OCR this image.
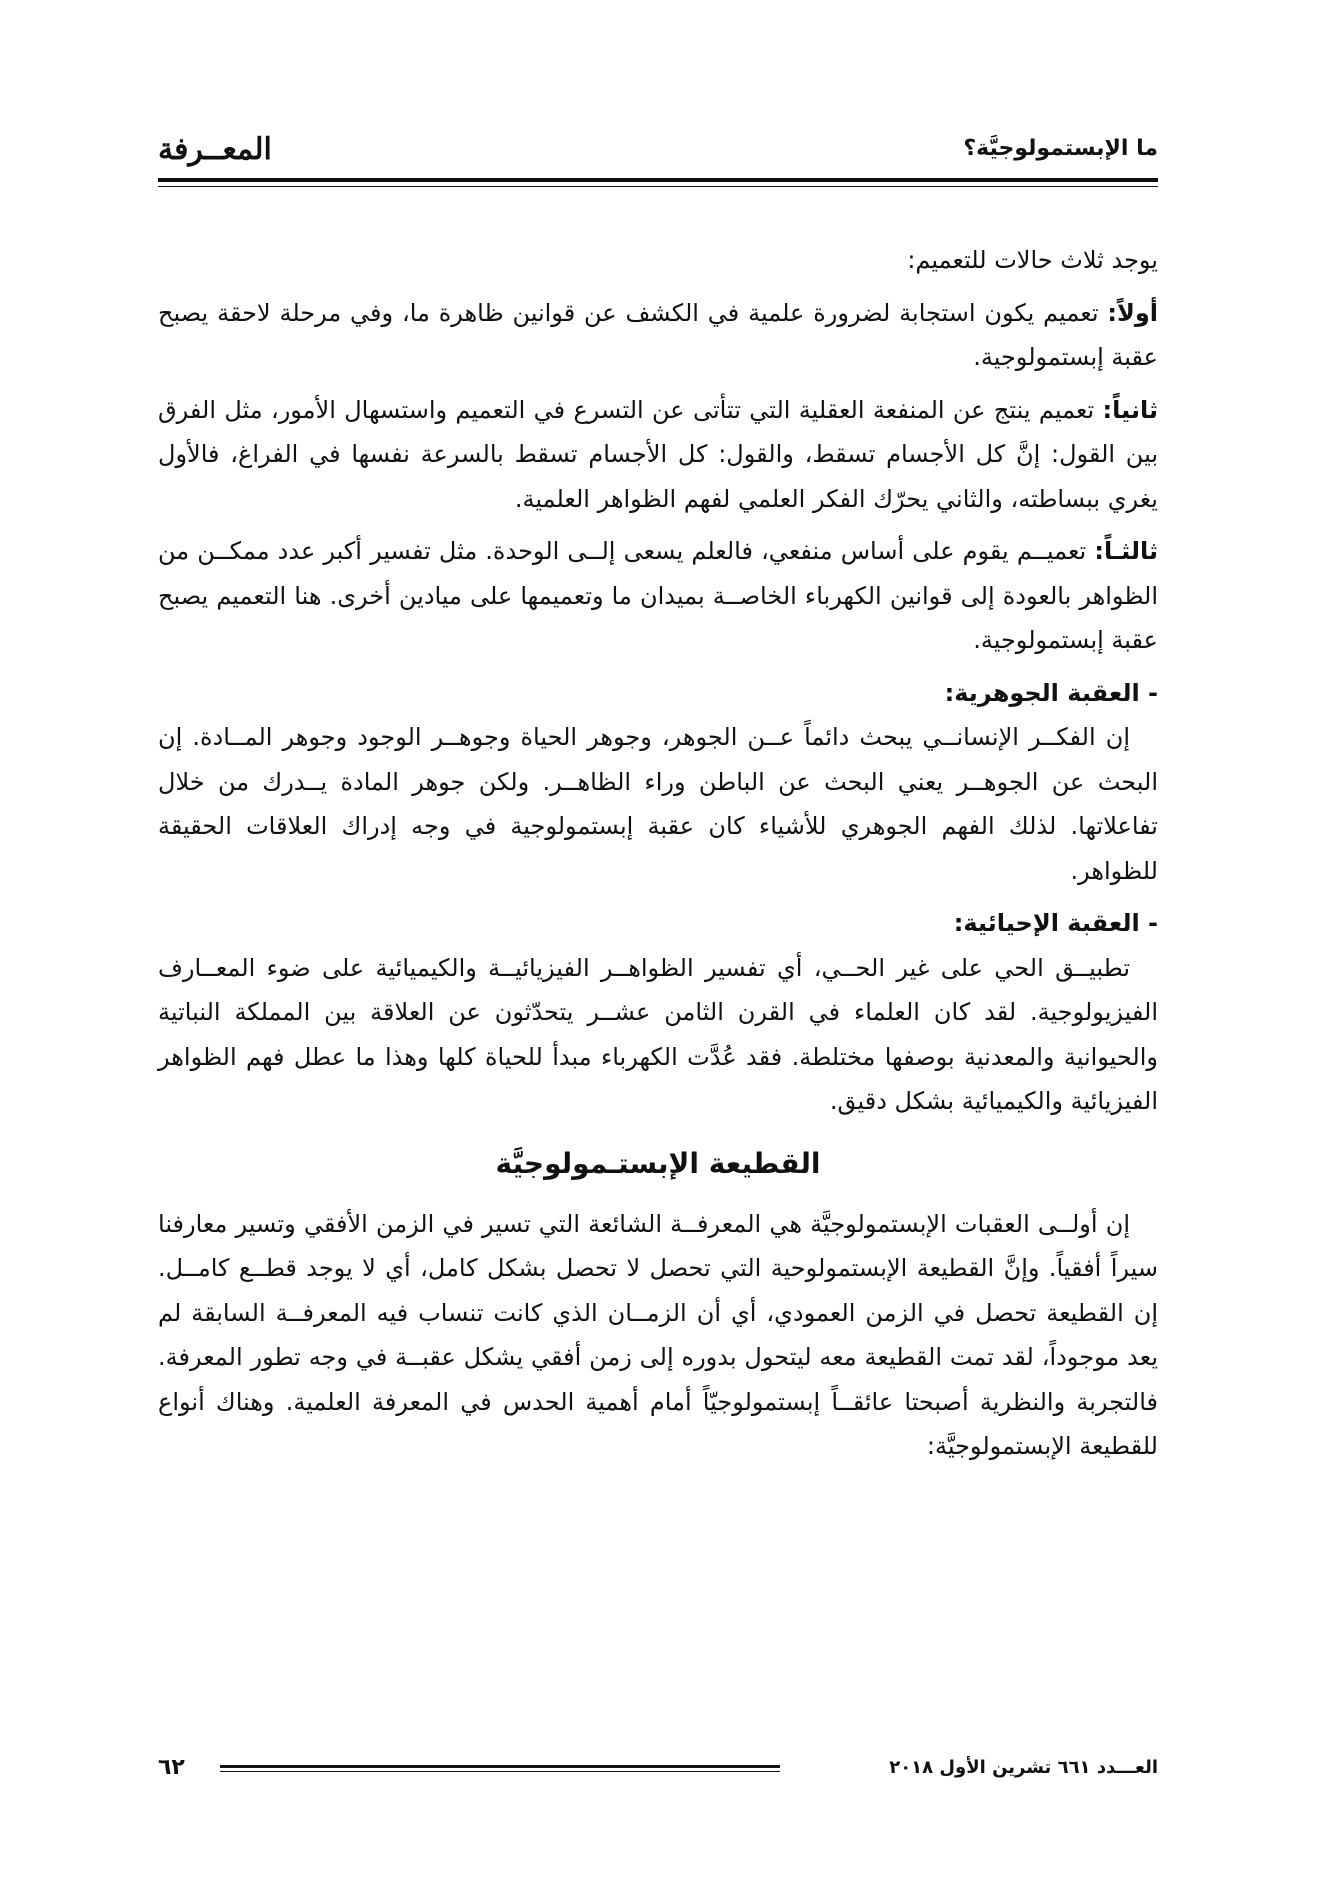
ما الإبستمولوجيَّة؟
المعــرفة

يوجد ثلاث حالات للتعميم:

أولاً: تعميم يكون استجابة لضرورة علمية في الكشف عن قوانين ظاهرة ما، وفي مرحلة لاحقة يصبح عقبة إبستمولوجية.

ثانياً: تعميم ينتج عن المنفعة العقلية التي تتأتى عن التسرع في التعميم واستسهال الأمور، مثل الفرق بين القول: إنَّ كل الأجسام تسقط، والقول: كل الأجسام تسقط بالسرعة نفسها في الفراغ، فالأول يغري ببساطته، والثاني يحرّك الفكر العلمي لفهم الظواهر العلمية.

ثالثـاً: تعميــم يقوم على أساس منفعي، فالعلم يسعى إلــى الوحدة. مثل تفسير أكبر عدد ممكــن من الظواهر بالعودة إلى قوانين الكهرباء الخاصــة بميدان ما وتعميمها على ميادين أخرى. هنا التعميم يصبح عقبة إبستمولوجية.

- العقبة الجوهرية:

إن الفكــر الإنسانــي يبحث دائماً عــن الجوهر، وجوهر الحياة وجوهــر الوجود وجوهر المــادة. إن البحث عن الجوهــر يعني البحث عن الباطن وراء الظاهــر. ولكن جوهر المادة يــدرك من خلال تفاعلاتها. لذلك الفهم الجوهري للأشياء كان عقبة إبستمولوجية في وجه إدراك العلاقات الحقيقة للظواهر.

- العقبة الإحيائية:

تطبيــق الحي على غير الحــي، أي تفسير الظواهــر الفيزيائيــة والكيميائية على ضوء المعــارف الفيزيولوجية. لقد كان العلماء في القرن الثامن عشــر يتحدّثون عن العلاقة بين المملكة النباتية والحيوانية والمعدنية بوصفها مختلطة. فقد عُدَّت الكهرباء مبدأ للحياة كلها وهذا ما عطل فهم الظواهر الفيزيائية والكيميائية بشكل دقيق.

القطيعة الإبستـمولوجيَّة

إن أولــى العقبات الإبستمولوجيَّة هي المعرفــة الشائعة التي تسير في الزمن الأفقي وتسير معارفنا سيراً أفقياً. وإنَّ القطيعة الإبستمولوحية التي تحصل لا تحصل بشكل كامل، أي لا يوجد قطــع كامــل. إن القطيعة تحصل في الزمن العمودي، أي أن الزمــان الذي كانت تنساب فيه المعرفــة السابقة لم يعد موجوداً، لقد تمت القطيعة معه ليتحول بدوره إلى زمن أفقي يشكل عقبــة في وجه تطور المعرفة. فالتجربة والنظرية أصبحتا عائقــاً إبستمولوجيّاً أمام أهمية الحدس في المعرفة العلمية. وهناك أنواع للقطيعة الإبستمولوجيَّة:

٦٢	العـــدد ٦٦١ تشرين الأول ٢٠١٨
